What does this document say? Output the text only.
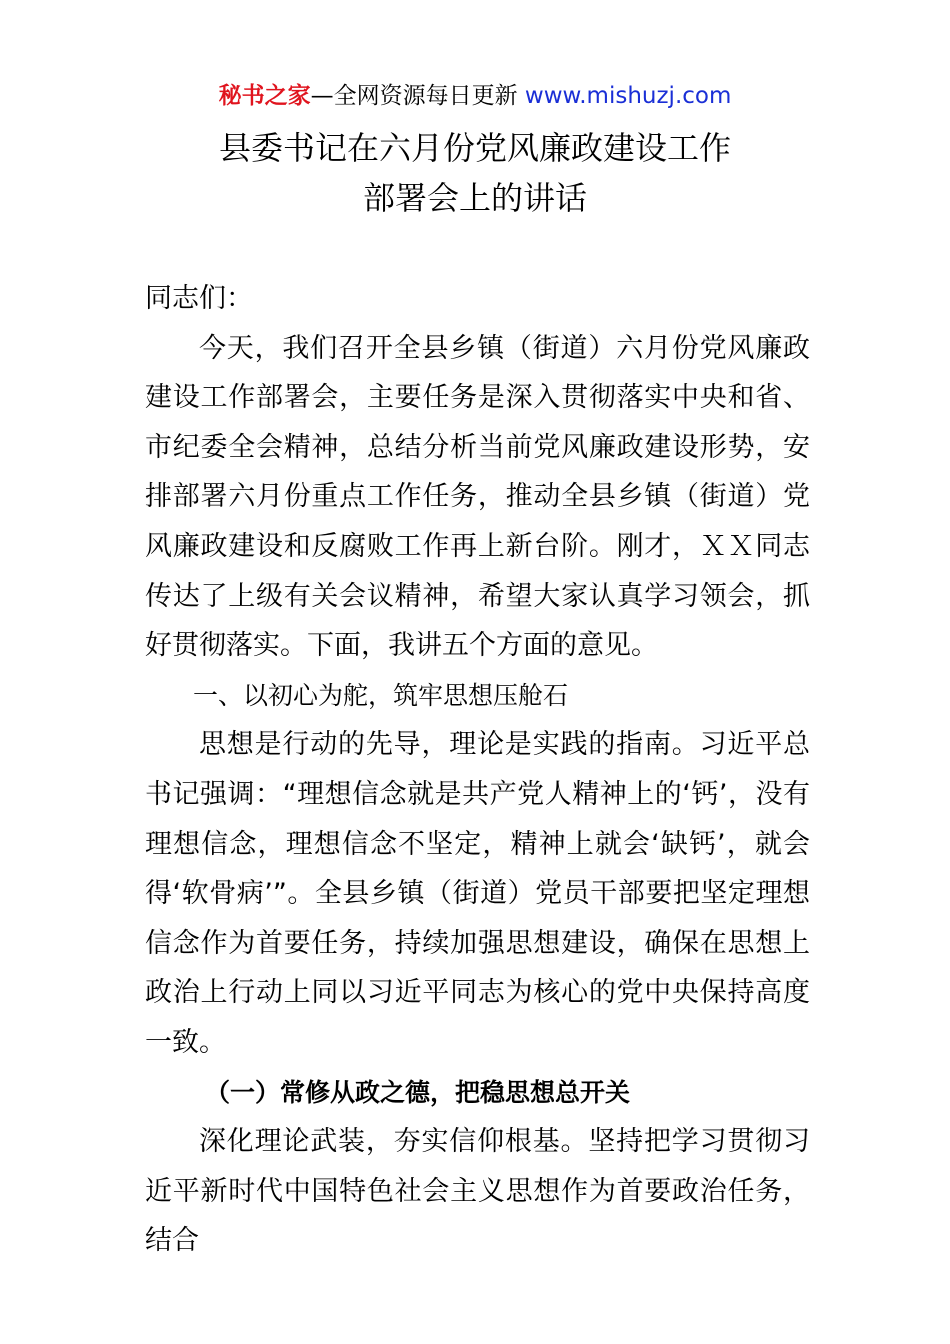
秘书之家—全网资源每日更新 www.mishuzj.com
县委书记在六月份党风廉政建设工作
部署会上的讲话

同志们：

今天，我们召开全县乡镇（街道）六月份党风廉政建设工作部署会，主要任务是深入贯彻落实中央和省、市纪委全会精神，总结分析当前党风廉政建设形势，安排部署六月份重点工作任务，推动全县乡镇（街道）党风廉政建设和反腐败工作再上新台阶。刚才，ＸＸ同志传达了上级有关会议精神，希望大家认真学习领会，抓好贯彻落实。下面，我讲五个方面的意见。

一、以初心为舵，筑牢思想压舱石

思想是行动的先导，理论是实践的指南。习近平总书记强调：“理想信念就是共产党人精神上的‘钙’，没有理想信念，理想信念不坚定，精神上就会‘缺钙’，就会得‘软骨病’”。全县乡镇（街道）党员干部要把坚定理想信念作为首要任务，持续加强思想建设，确保在思想上政治上行动上同以习近平同志为核心的党中央保持高度一致。

（一）常修从政之德，把稳思想总开关

深化理论武装，夯实信仰根基。坚持把学习贯彻习近平新时代中国特色社会主义思想作为首要政治任务，结合
